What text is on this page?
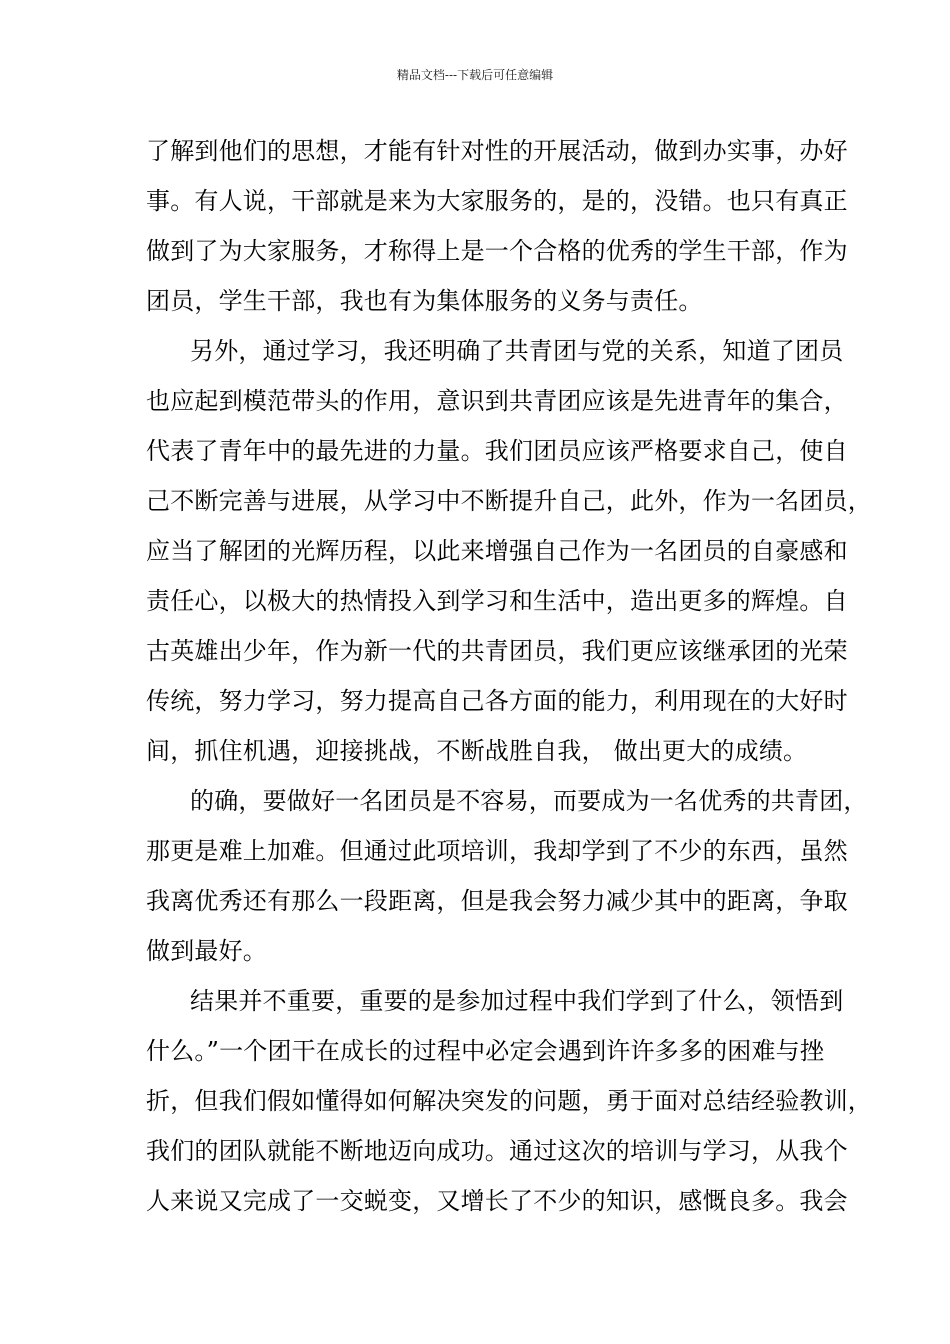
精品文档---下载后可任意编辑
了解到他们的思想，才能有针对性的开展活动，做到办实事，办好
事。有人说，干部就是来为大家服务的，是的，没错。也只有真正
做到了为大家服务，才称得上是一个合格的优秀的学生干部，作为
团员，学生干部，我也有为集体服务的义务与责任。
另外，通过学习，我还明确了共青团与党的关系，知道了团员
也应起到模范带头的作用，意识到共青团应该是先进青年的集合，
代表了青年中的最先进的力量。我们团员应该严格要求自己，使自
己不断完善与进展，从学习中不断提升自己，此外，作为一名团员，
应当了解团的光辉历程，以此来增强自己作为一名团员的自豪感和
责任心，以极大的热情投入到学习和生活中，造出更多的辉煌。自
古英雄出少年，作为新一代的共青团员，我们更应该继承团的光荣
传统，努力学习，努力提高自己各方面的能力，利用现在的大好时
间，抓住机遇，迎接挑战，不断战胜自我， 做出更大的成绩。
的确，要做好一名团员是不容易，而要成为一名优秀的共青团，
那更是难上加难。但通过此项培训，我却学到了不少的东西，虽然
我离优秀还有那么一段距离，但是我会努力减少其中的距离，争取
做到最好。
结果并不重要，重要的是参加过程中我们学到了什么，领悟到
什么。”一个团干在成长的过程中必定会遇到许许多多的困难与挫
折，但我们假如懂得如何解决突发的问题，勇于面对总结经验教训，
我们的团队就能不断地迈向成功。通过这次的培训与学习，从我个
人来说又完成了一交蜕变，又增长了不少的知识，感慨良多。我会
